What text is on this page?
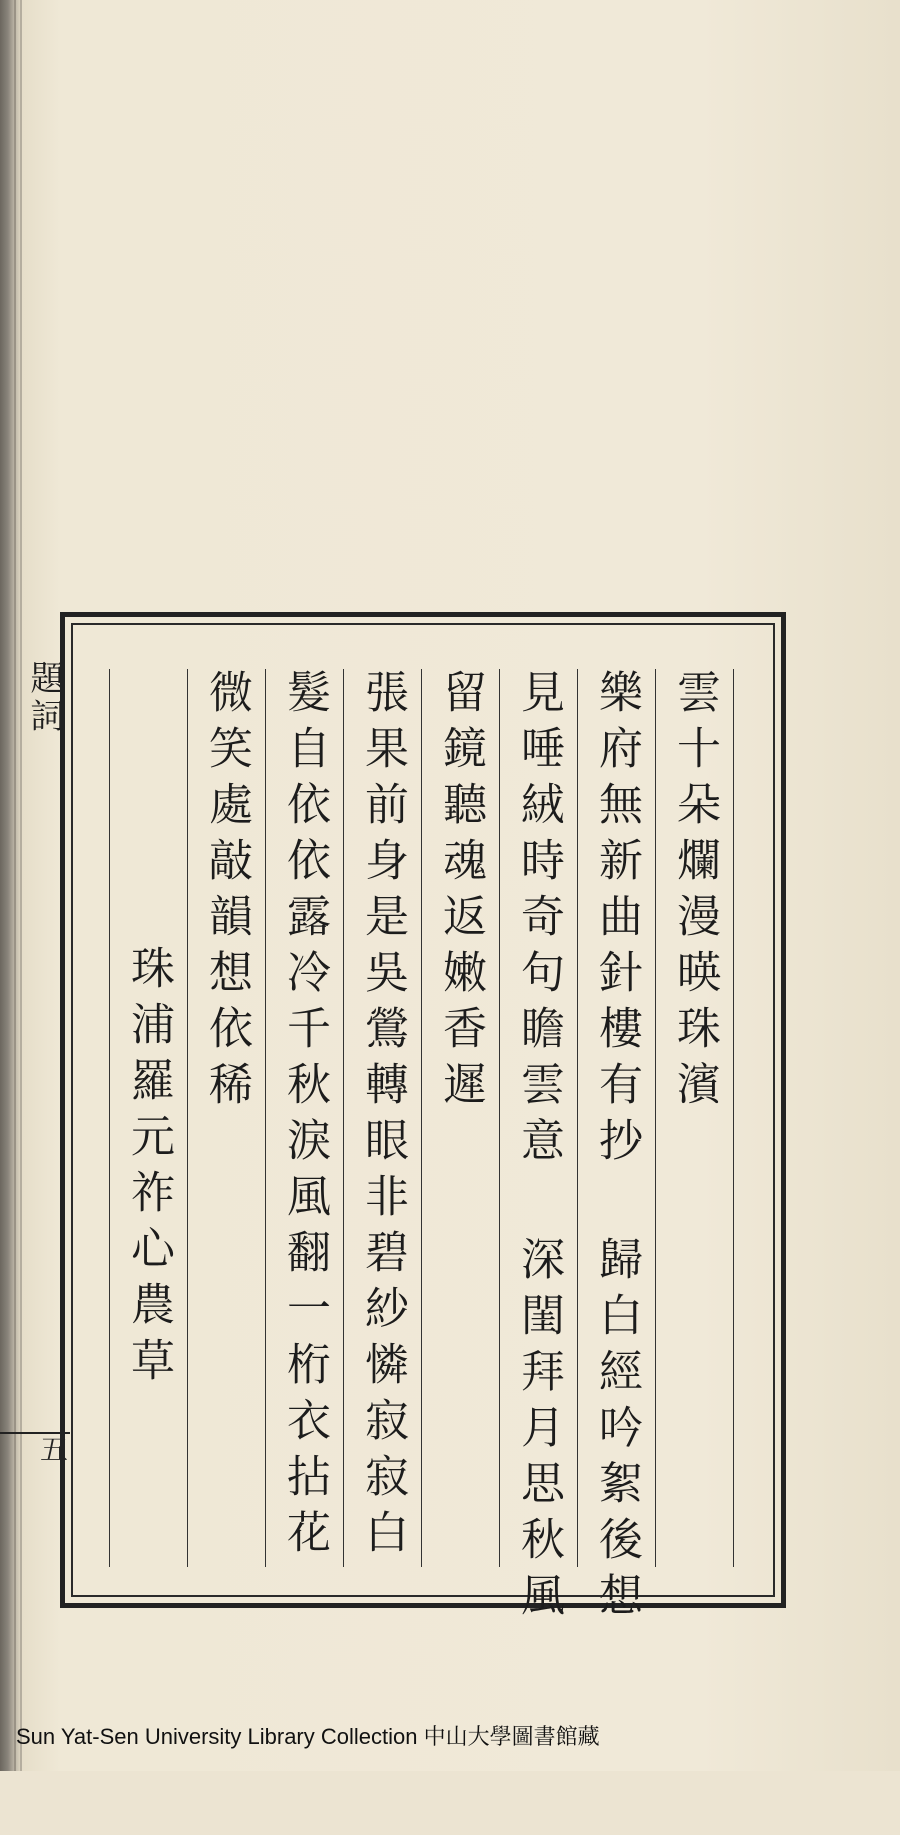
題詞
五
雲十朵爛漫暎珠濱
樂府無新曲針樓有抄 歸白經吟絮後想
見唾絨時奇句瞻雲意 深閨拜月思秋風
留鏡聽魂返嫩香遲
張果前身是吳鶯轉眼非碧紗憐寂寂白
髮自依依露冷千秋淚風翻一桁衣拈花
微笑處敲韻想依稀
珠浦羅元祚心農草
Sun Yat-Sen University Library Collection 中山大學圖書館藏
